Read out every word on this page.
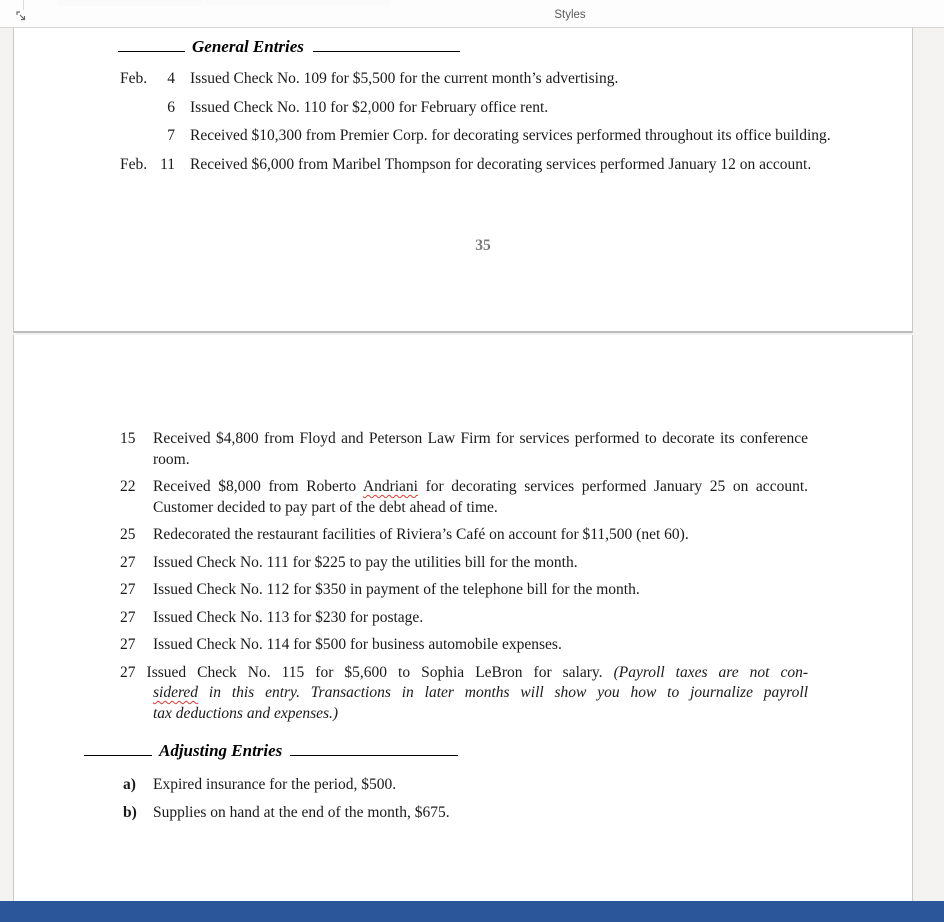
Styles
General Entries
Feb.	4 Issued Check No. 109 for $5,500 for the current month’s advertising.
6 Issued Check No. 110 for $2,000 for February office rent.
7 Received $10,300 from Premier Corp. for decorating services performed throughout its office building.
Feb. 11 Received $6,000 from Maribel Thompson for decorating services performed January 12 on account.
35
15 Received $4,800 from Floyd and Peterson Law Firm for services performed to decorate its conference room.
22 Received $8,000 from Roberto Andriani for decorating services performed January 25 on account. Customer decided to pay part of the debt ahead of time.
25 Redecorated the restaurant facilities of Riviera’s Café on account for $11,500 (net 60).
27 Issued Check No. 111 for $225 to pay the utilities bill for the month.
27 Issued Check No. 112 for $350 in payment of the telephone bill for the month.
27 Issued Check No. 113 for $230 for postage.
27 Issued Check No. 114 for $500 for business automobile expenses.
27 Issued Check No. 115 for $5,600 to Sophia LeBron for salary. (Payroll taxes are not con-
sidered in this entry. Transactions in later months will show you how to journalize payroll
tax deductions and expenses.)
Adjusting Entries
a) Expired insurance for the period, $500.
b) Supplies on hand at the end of the month, $675.
